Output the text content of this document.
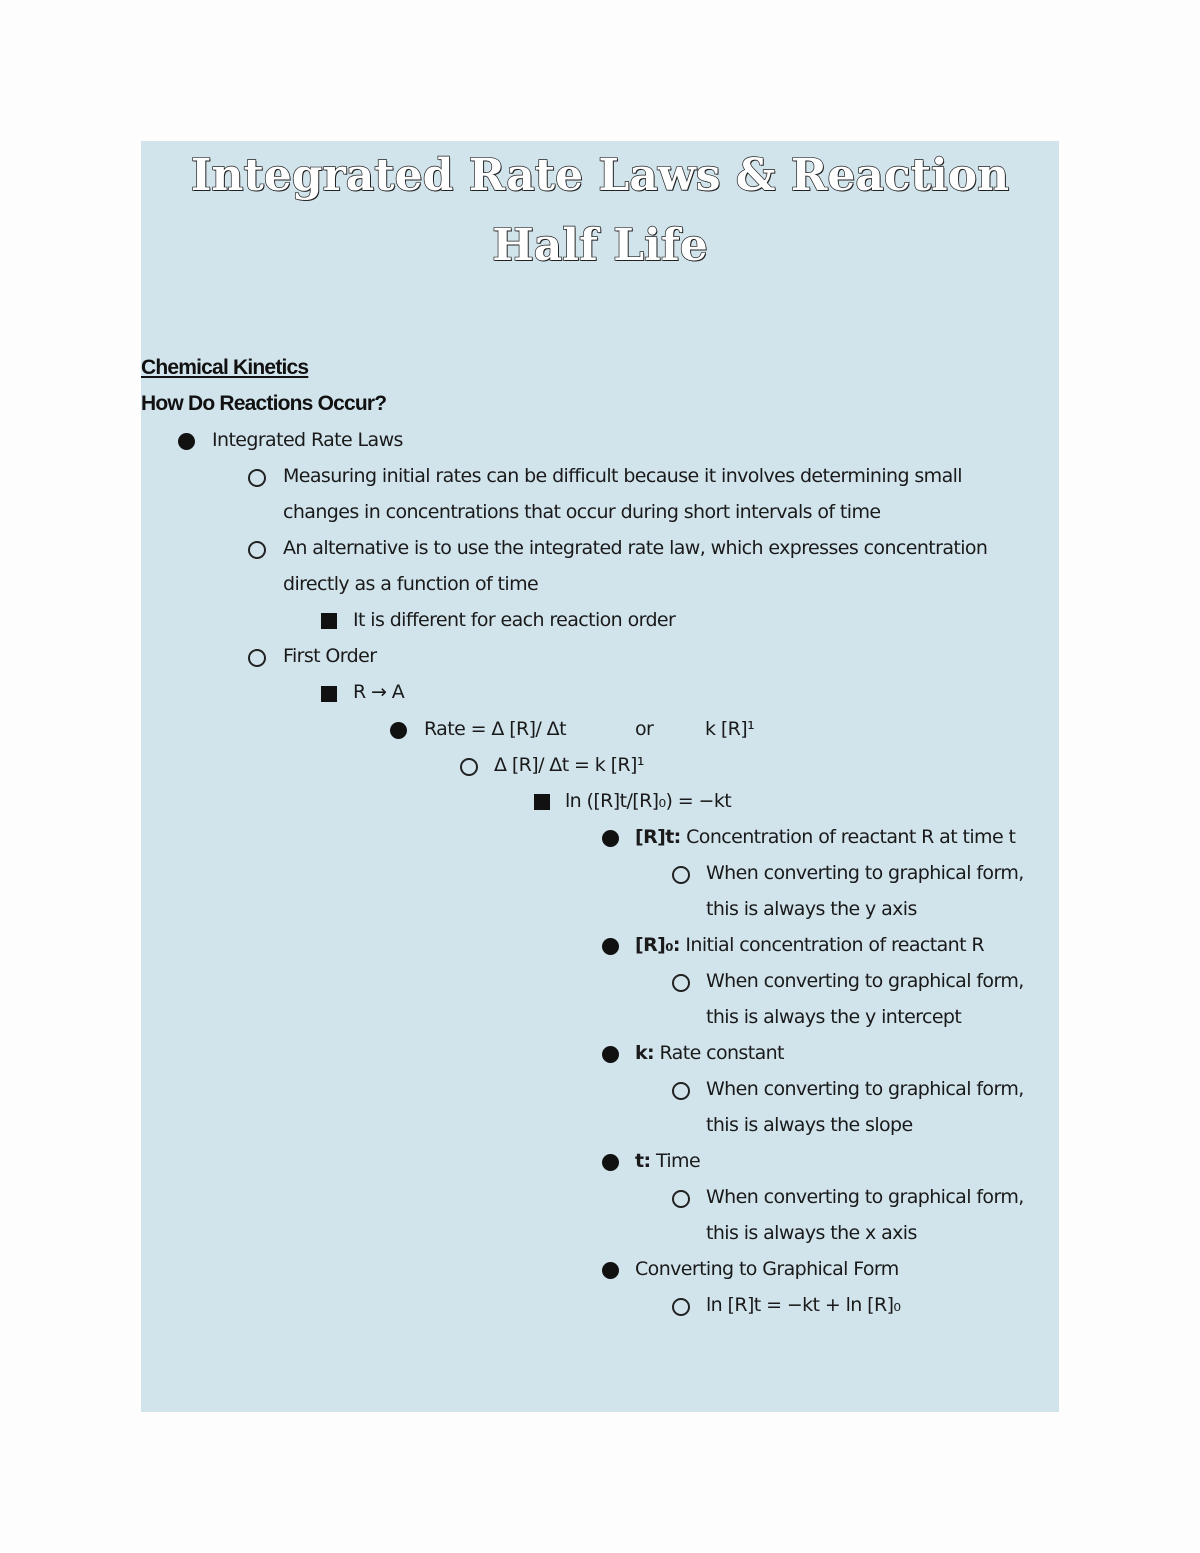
Integrated Rate Laws & Reaction
Half Life
Chemical Kinetics
How Do Reactions Occur?
Integrated Rate Laws
Measuring initial rates can be difficult because it involves determining small
changes in concentrations that occur during short intervals of time
An alternative is to use the integrated rate law, which expresses concentration
directly as a function of time
It is different for each reaction order
First Order
R → A
Rate = Δ [R]/ Δt	or	k [R]¹
Δ [R]/ Δt = k [R]¹
ln ([R]t/[R]₀) = −kt
[R]t: Concentration of reactant R at time t
When converting to graphical form,
this is always the y axis
[R]₀: Initial concentration of reactant R
When converting to graphical form,
this is always the y intercept
k: Rate constant
When converting to graphical form,
this is always the slope
t: Time
When converting to graphical form,
this is always the x axis
Converting to Graphical Form
ln [R]t = −kt + ln [R]₀
